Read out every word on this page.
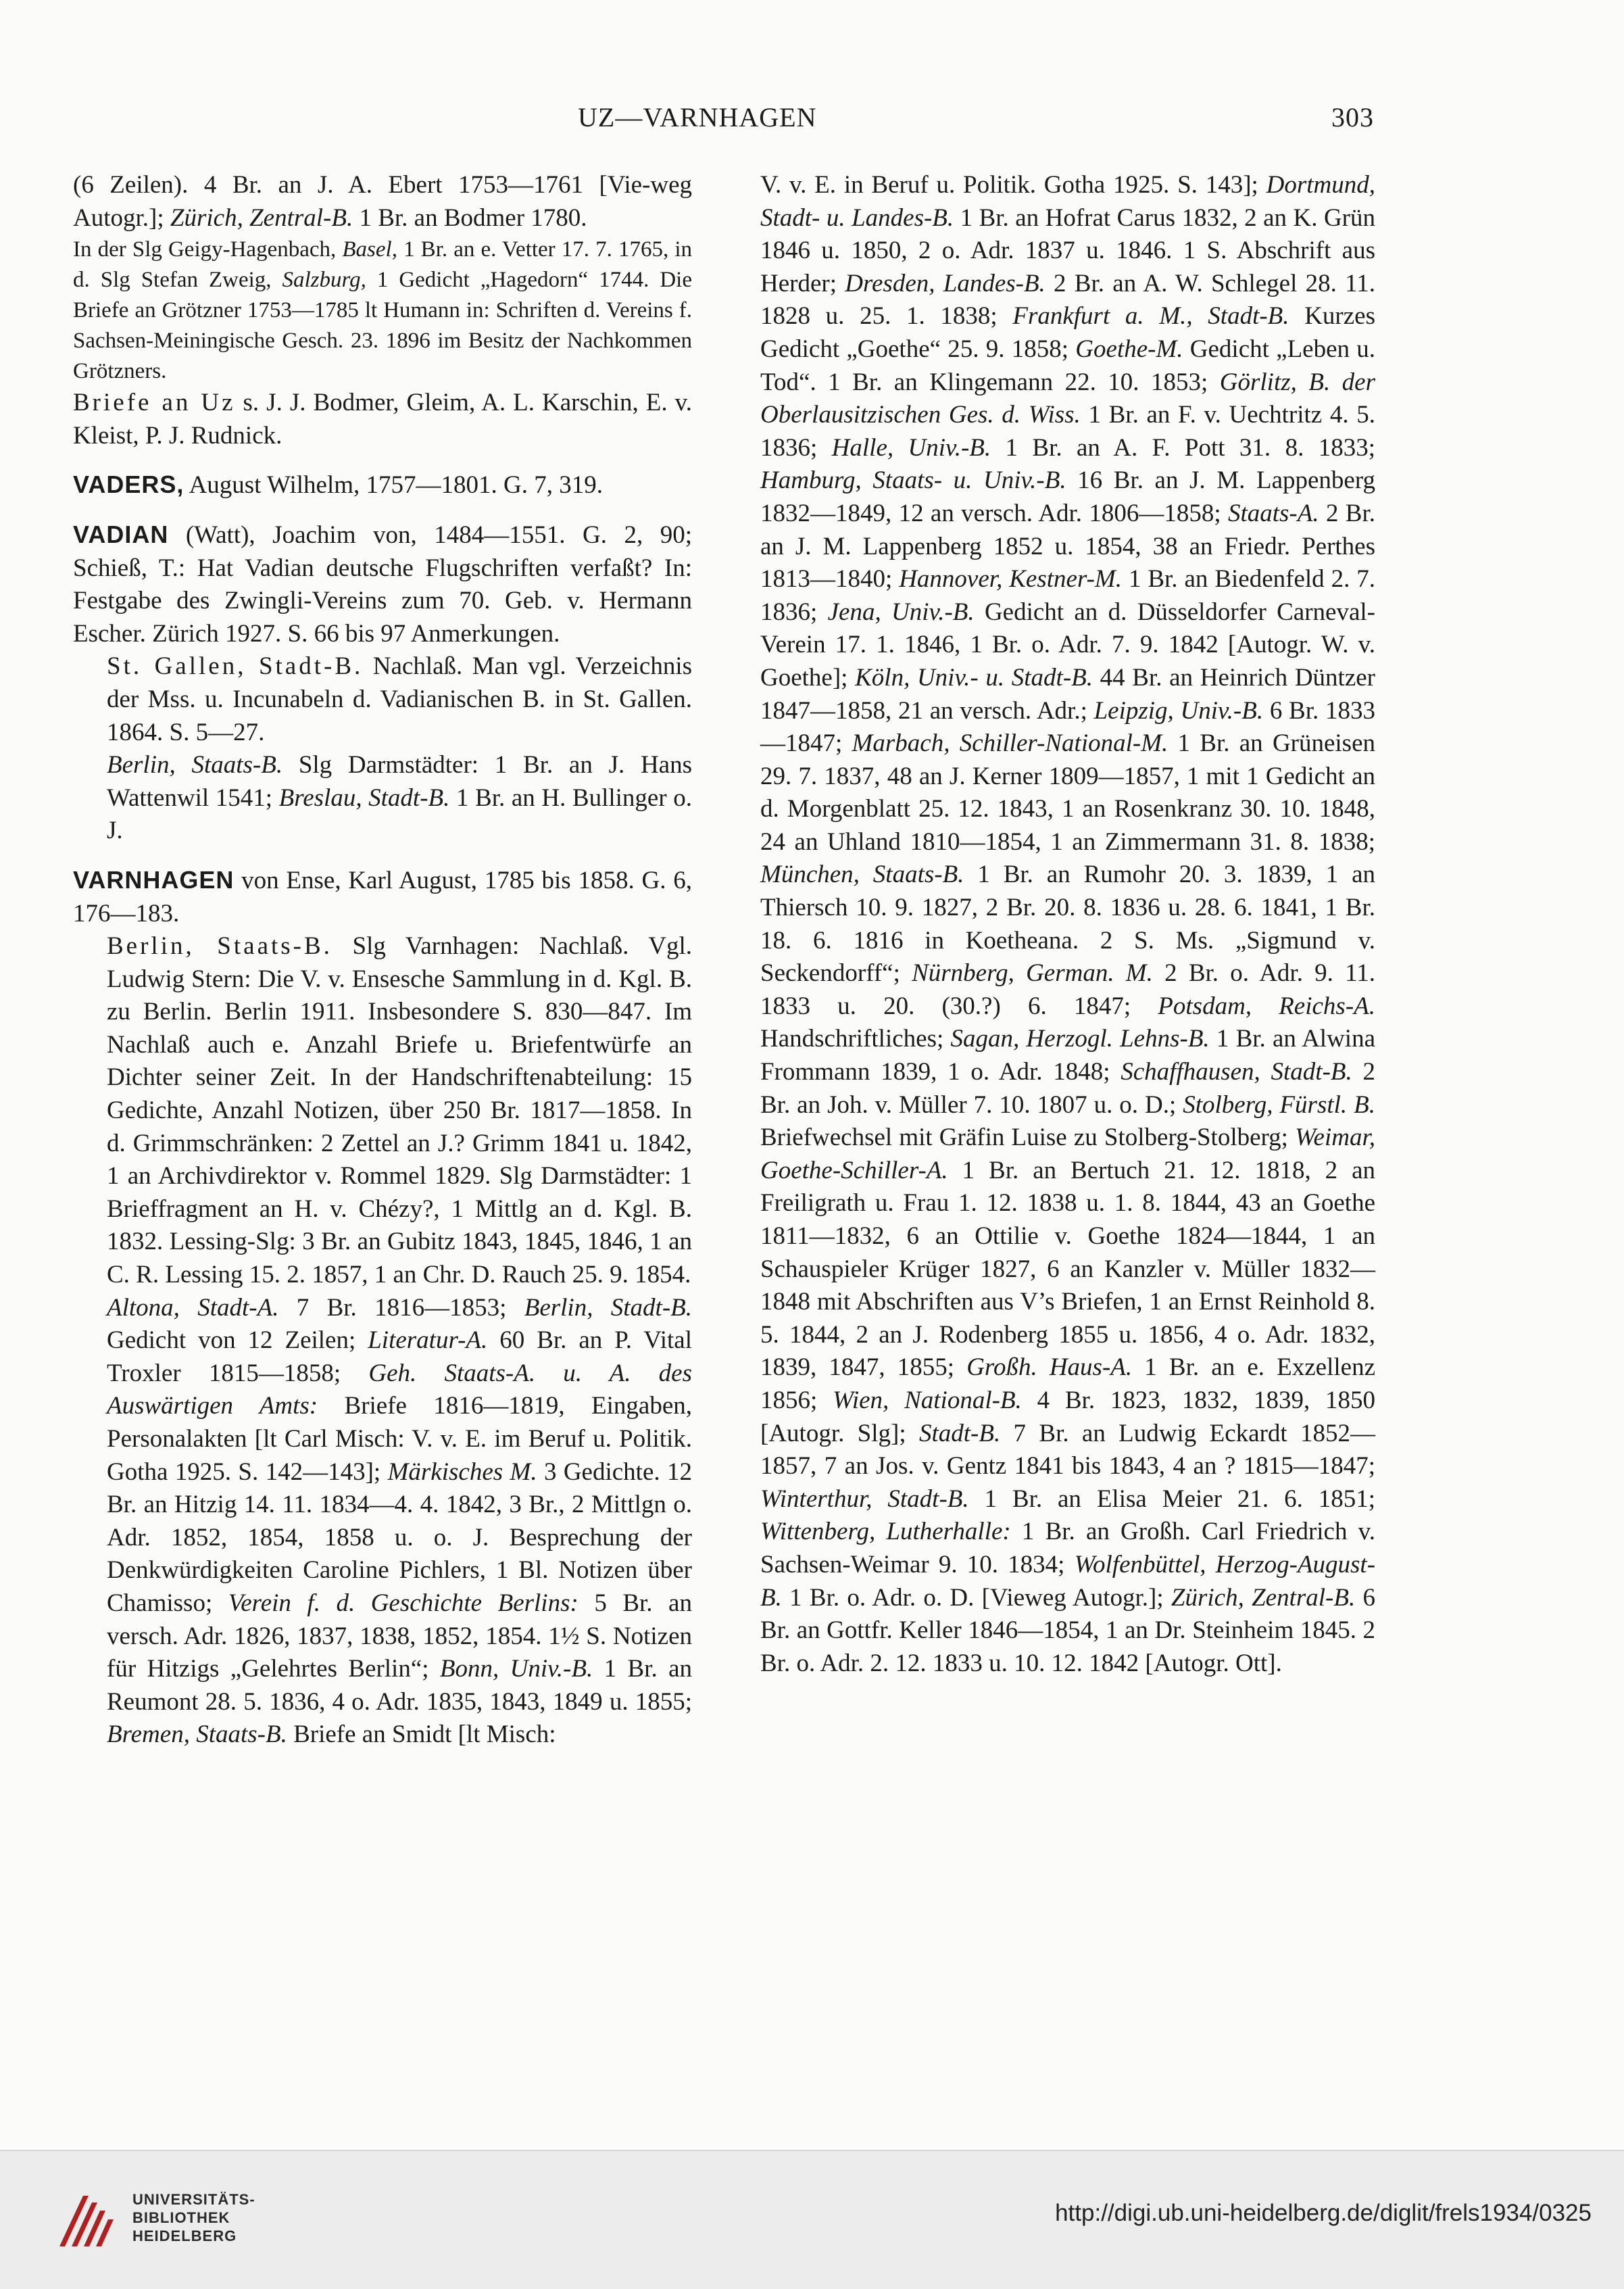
UZ—VARNHAGEN	303

(6 Zeilen). 4 Br. an J. A. Ebert 1753—1761 [Vie-weg Autogr.]; Zürich, Zentral-B. 1 Br. an Bodmer 1780.

In der Slg Geigy-Hagenbach, Basel, 1 Br. an e. Vetter 17. 7. 1765, in d. Slg Stefan Zweig, Salzburg, 1 Gedicht „Hagedorn“ 1744. Die Briefe an Grötzner 1753—1785 lt Humann in: Schriften d. Vereins f. Sachsen-Meiningische Gesch. 23. 1896 im Besitz der Nachkommen Grötzners.

Briefe an Uz s. J. J. Bodmer, Gleim, A. L. Karschin, E. v. Kleist, P. J. Rudnick.

VADERS, August Wilhelm, 1757—1801. G. 7, 319.

VADIAN (Watt), Joachim von, 1484—1551. G. 2, 90; Schieß, T.: Hat Vadian deutsche Flugschriften verfaßt? In: Festgabe des Zwingli-Vereins zum 70. Geb. v. Hermann Escher. Zürich 1927. S. 66 bis 97 Anmerkungen.

St. Gallen, Stadt-B. Nachlaß. Man vgl. Verzeichnis der Mss. u. Incunabeln d. Vadianischen B. in St. Gallen. 1864. S. 5—27.

Berlin, Staats-B. Slg Darmstädter: 1 Br. an J. Hans Wattenwil 1541; Breslau, Stadt-B. 1 Br. an H. Bullinger o. J.

VARNHAGEN von Ense, Karl August, 1785 bis 1858. G. 6, 176—183.

Berlin, Staats-B. Slg Varnhagen: Nachlaß. Vgl. Ludwig Stern: Die V. v. Ensesche Sammlung in d. Kgl. B. zu Berlin. Berlin 1911. Insbesondere S. 830—847. Im Nachlaß auch e. Anzahl Briefe u. Briefentwürfe an Dichter seiner Zeit. In der Handschriftenabteilung: 15 Gedichte, Anzahl Notizen, über 250 Br. 1817—1858. In d. Grimmschränken: 2 Zettel an J.? Grimm 1841 u. 1842, 1 an Archivdirektor v. Rommel 1829. Slg Darmstädter: 1 Brieffragment an H. v. Chézy?, 1 Mittlg an d. Kgl. B. 1832. Lessing-Slg: 3 Br. an Gubitz 1843, 1845, 1846, 1 an C. R. Lessing 15. 2. 1857, 1 an Chr. D. Rauch 25. 9. 1854.

Altona, Stadt-A. 7 Br. 1816—1853; Berlin, Stadt-B. Gedicht von 12 Zeilen; Literatur-A. 60 Br. an P. Vital Troxler 1815—1858; Geh. Staats-A. u. A. des Auswärtigen Amts: Briefe 1816—1819, Eingaben, Personalakten [lt Carl Misch: V. v. E. im Beruf u. Politik. Gotha 1925. S. 142—143]; Märkisches M. 3 Gedichte. 12 Br. an Hitzig 14. 11. 1834—4. 4. 1842, 3 Br., 2 Mittlgn o. Adr. 1852, 1854, 1858 u. o. J. Besprechung der Denkwürdigkeiten Caroline Pichlers, 1 Bl. Notizen über Chamisso; Verein f. d. Geschichte Berlins: 5 Br. an versch. Adr. 1826, 1837, 1838, 1852, 1854. 1½ S. Notizen für Hitzigs „Gelehrtes Berlin“; Bonn, Univ.-B. 1 Br. an Reumont 28. 5. 1836, 4 o. Adr. 1835, 1843, 1849 u. 1855; Bremen, Staats-B. Briefe an Smidt [lt Misch:

V. v. E. in Beruf u. Politik. Gotha 1925. S. 143]; Dortmund, Stadt- u. Landes-B. 1 Br. an Hofrat Carus 1832, 2 an K. Grün 1846 u. 1850, 2 o. Adr. 1837 u. 1846. 1 S. Abschrift aus Herder; Dresden, Landes-B. 2 Br. an A. W. Schlegel 28. 11. 1828 u. 25. 1. 1838; Frankfurt a. M., Stadt-B. Kurzes Gedicht „Goethe“ 25. 9. 1858; Goethe-M. Gedicht „Leben u. Tod“. 1 Br. an Klingemann 22. 10. 1853; Görlitz, B. der Oberlausitzischen Ges. d. Wiss. 1 Br. an F. v. Uechtritz 4. 5. 1836; Halle, Univ.-B. 1 Br. an A. F. Pott 31. 8. 1833; Hamburg, Staats- u. Univ.-B. 16 Br. an J. M. Lappenberg 1832—1849, 12 an versch. Adr. 1806—1858; Staats-A. 2 Br. an J. M. Lappenberg 1852 u. 1854, 38 an Friedr. Perthes 1813—1840; Hannover, Kestner-M. 1 Br. an Biedenfeld 2. 7. 1836; Jena, Univ.-B. Gedicht an d. Düsseldorfer Carneval-Verein 17. 1. 1846, 1 Br. o. Adr. 7. 9. 1842 [Autogr. W. v. Goethe]; Köln, Univ.- u. Stadt-B. 44 Br. an Heinrich Düntzer 1847—1858, 21 an versch. Adr.; Leipzig, Univ.-B. 6 Br. 1833—1847; Marbach, Schiller-National-M. 1 Br. an Grüneisen 29. 7. 1837, 48 an J. Kerner 1809—1857, 1 mit 1 Gedicht an d. Morgenblatt 25. 12. 1843, 1 an Rosenkranz 30. 10. 1848, 24 an Uhland 1810—1854, 1 an Zimmermann 31. 8. 1838; München, Staats-B. 1 Br. an Rumohr 20. 3. 1839, 1 an Thiersch 10. 9. 1827, 2 Br. 20. 8. 1836 u. 28. 6. 1841, 1 Br. 18. 6. 1816 in Koetheana. 2 S. Ms. „Sigmund v. Seckendorff“; Nürnberg, German. M. 2 Br. o. Adr. 9. 11. 1833 u. 20. (30.?) 6. 1847; Potsdam, Reichs-A. Handschriftliches; Sagan, Herzogl. Lehns-B. 1 Br. an Alwina Frommann 1839, 1 o. Adr. 1848; Schaffhausen, Stadt-B. 2 Br. an Joh. v. Müller 7. 10. 1807 u. o. D.; Stolberg, Fürstl. B. Briefwechsel mit Gräfin Luise zu Stolberg-Stolberg; Weimar, Goethe-Schiller-A. 1 Br. an Bertuch 21. 12. 1818, 2 an Freiligrath u. Frau 1. 12. 1838 u. 1. 8. 1844, 43 an Goethe 1811—1832, 6 an Ottilie v. Goethe 1824—1844, 1 an Schauspieler Krüger 1827, 6 an Kanzler v. Müller 1832—1848 mit Abschriften aus V’s Briefen, 1 an Ernst Reinhold 8. 5. 1844, 2 an J. Rodenberg 1855 u. 1856, 4 o. Adr. 1832, 1839, 1847, 1855; Großh. Haus-A. 1 Br. an e. Exzellenz 1856; Wien, National-B. 4 Br. 1823, 1832, 1839, 1850 [Autogr. Slg]; Stadt-B. 7 Br. an Ludwig Eckardt 1852—1857, 7 an Jos. v. Gentz 1841 bis 1843, 4 an ? 1815—1847; Winterthur, Stadt-B. 1 Br. an Elisa Meier 21. 6. 1851; Wittenberg, Lutherhalle: 1 Br. an Großh. Carl Friedrich v. Sachsen-Weimar 9. 10. 1834; Wolfenbüttel, Herzog-August-B. 1 Br. o. Adr. o. D. [Vieweg Autogr.]; Zürich, Zentral-B. 6 Br. an Gottfr. Keller 1846—1854, 1 an Dr. Steinheim 1845. 2 Br. o. Adr. 2. 12. 1833 u. 10. 12. 1842 [Autogr. Ott].

UNIVERSITÄTS-
BIBLIOTHEK
HEIDELBERG
http://digi.ub.uni-heidelberg.de/diglit/frels1934/0325
